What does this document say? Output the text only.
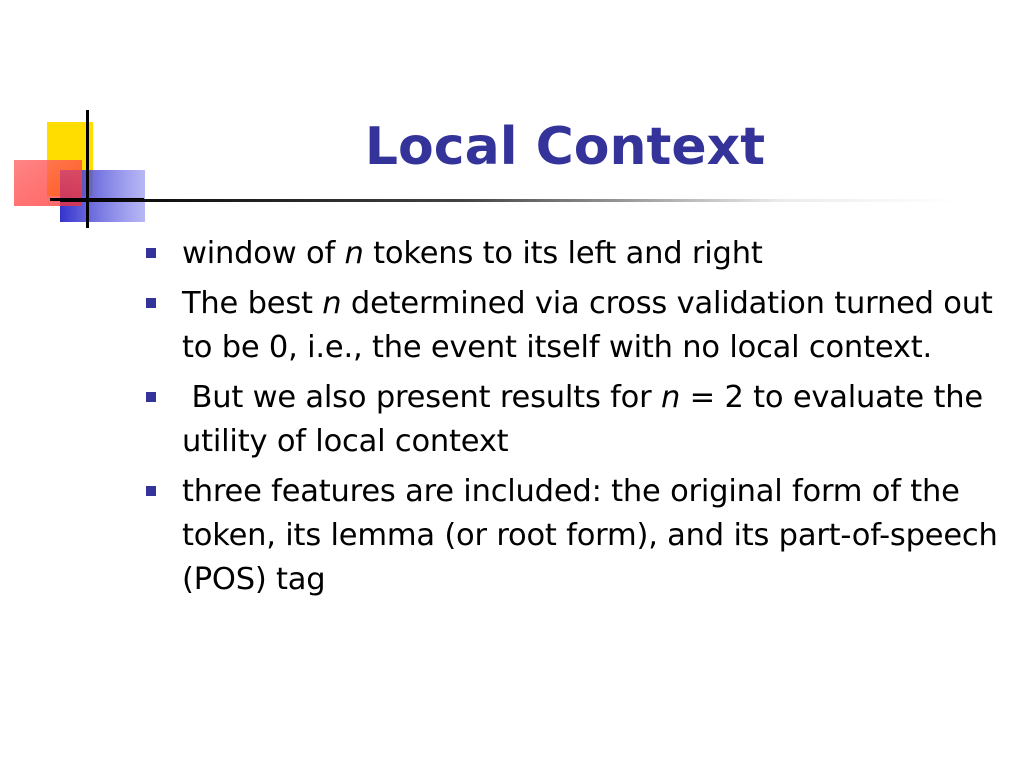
Local Context
window of n tokens to its left and right
The best n determined via cross validation turned out to be 0, i.e., the event itself with no local context.
But we also present results for n = 2 to evaluate the utility of local context
three features are included: the original form of the token, its lemma (or root form), and its part-of-speech (POS) tag
